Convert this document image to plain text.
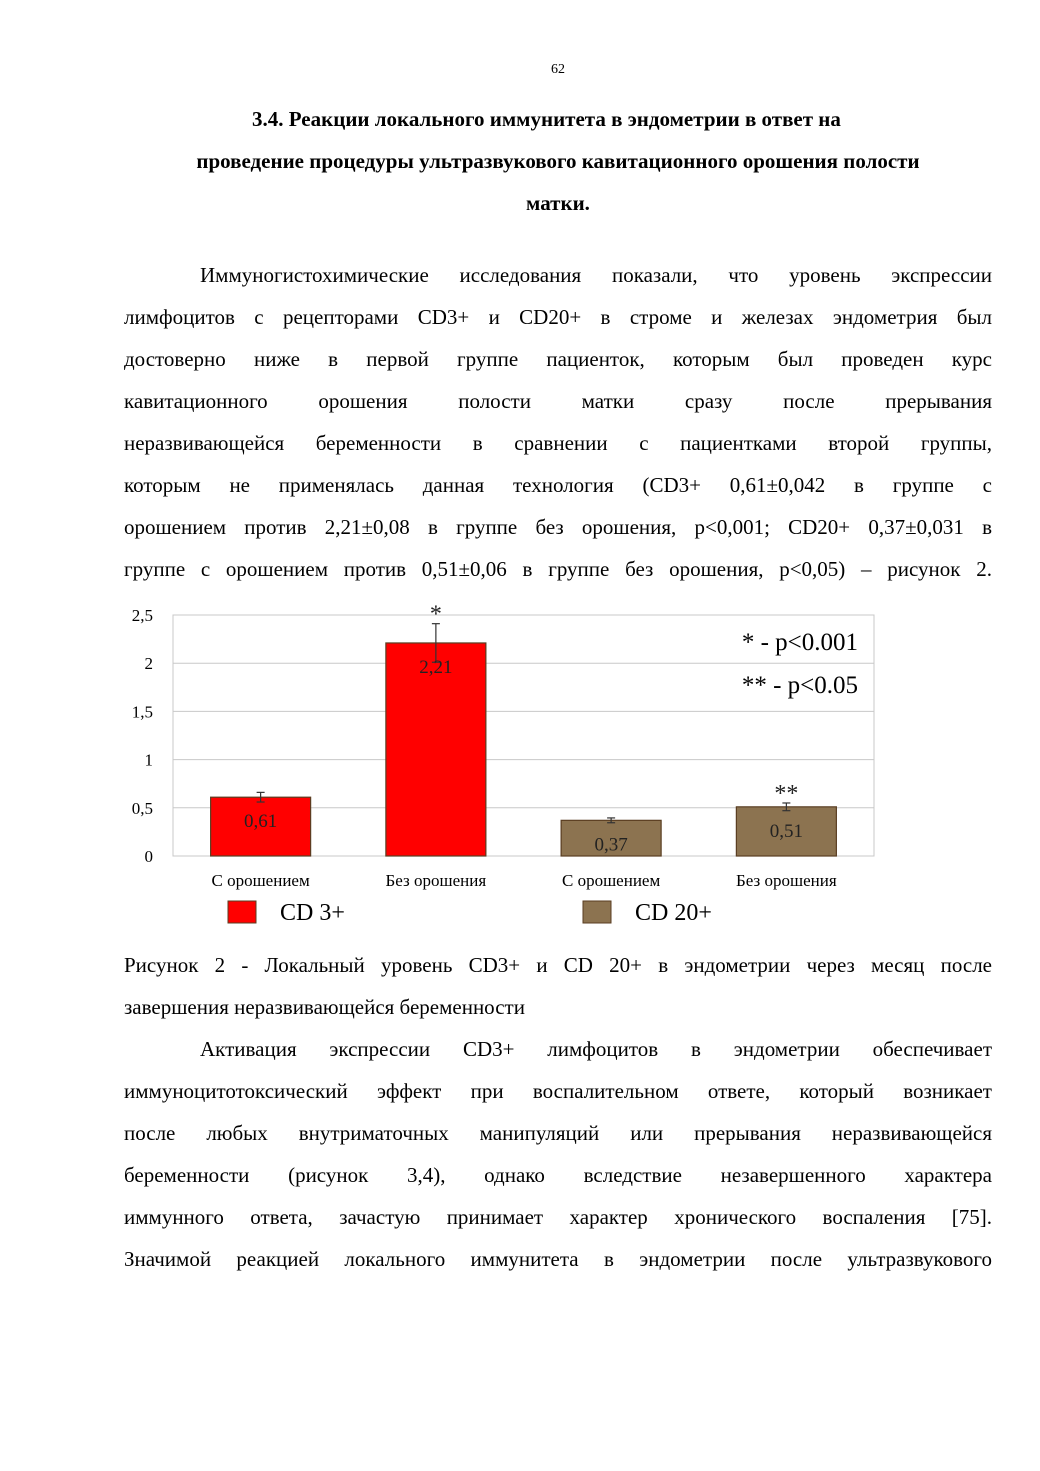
62
3.4. Реакции локального иммунитета в эндометрии в ответ на
проведение процедуры ультразвукового кавитационного орошения полости
матки.
Иммуногистохимические исследования показали, что уровень экспрессии
лимфоцитов с рецепторами CD3+ и CD20+ в строме и железах эндометрия был
достоверно ниже в первой группе пациенток, которым был проведен курс
кавитационного орошения полости матки сразу после прерывания
неразвивающейся беременности в сравнении с пациентками второй группы,
которым не применялась данная технология (CD3+ 0,61±0,042 в группе с
орошением против 2,21±0,08 в группе без орошения, p<0,001; CD20+ 0,37±0,031 в
группе с орошением против 0,51±0,06 в группе без орошения, p<0,05) – рисунок 2.
0
0,5
1
1,5
2
2,5
0,61
С орошением
2,21
*
Без орошения
0,37
С орошением
0,51
**
Без орошения
* - p<0.001
** - p<0.05
CD 3+	CD 20+
Рисунок 2 - Локальный уровень CD3+ и CD 20+ в эндометрии через месяц после
завершения неразвивающейся беременности
Активация экспрессии CD3+ лимфоцитов в эндометрии обеспечивает
иммуноцитотоксический эффект при воспалительном ответе, который возникает
после любых внутриматочных манипуляций или прерывания неразвивающейся
беременности (рисунок 3,4), однако вследствие незавершенного характера
иммунного ответа, зачастую принимает характер хронического воспаления [75].
Значимой реакцией локального иммунитета в эндометрии после ультразвукового
